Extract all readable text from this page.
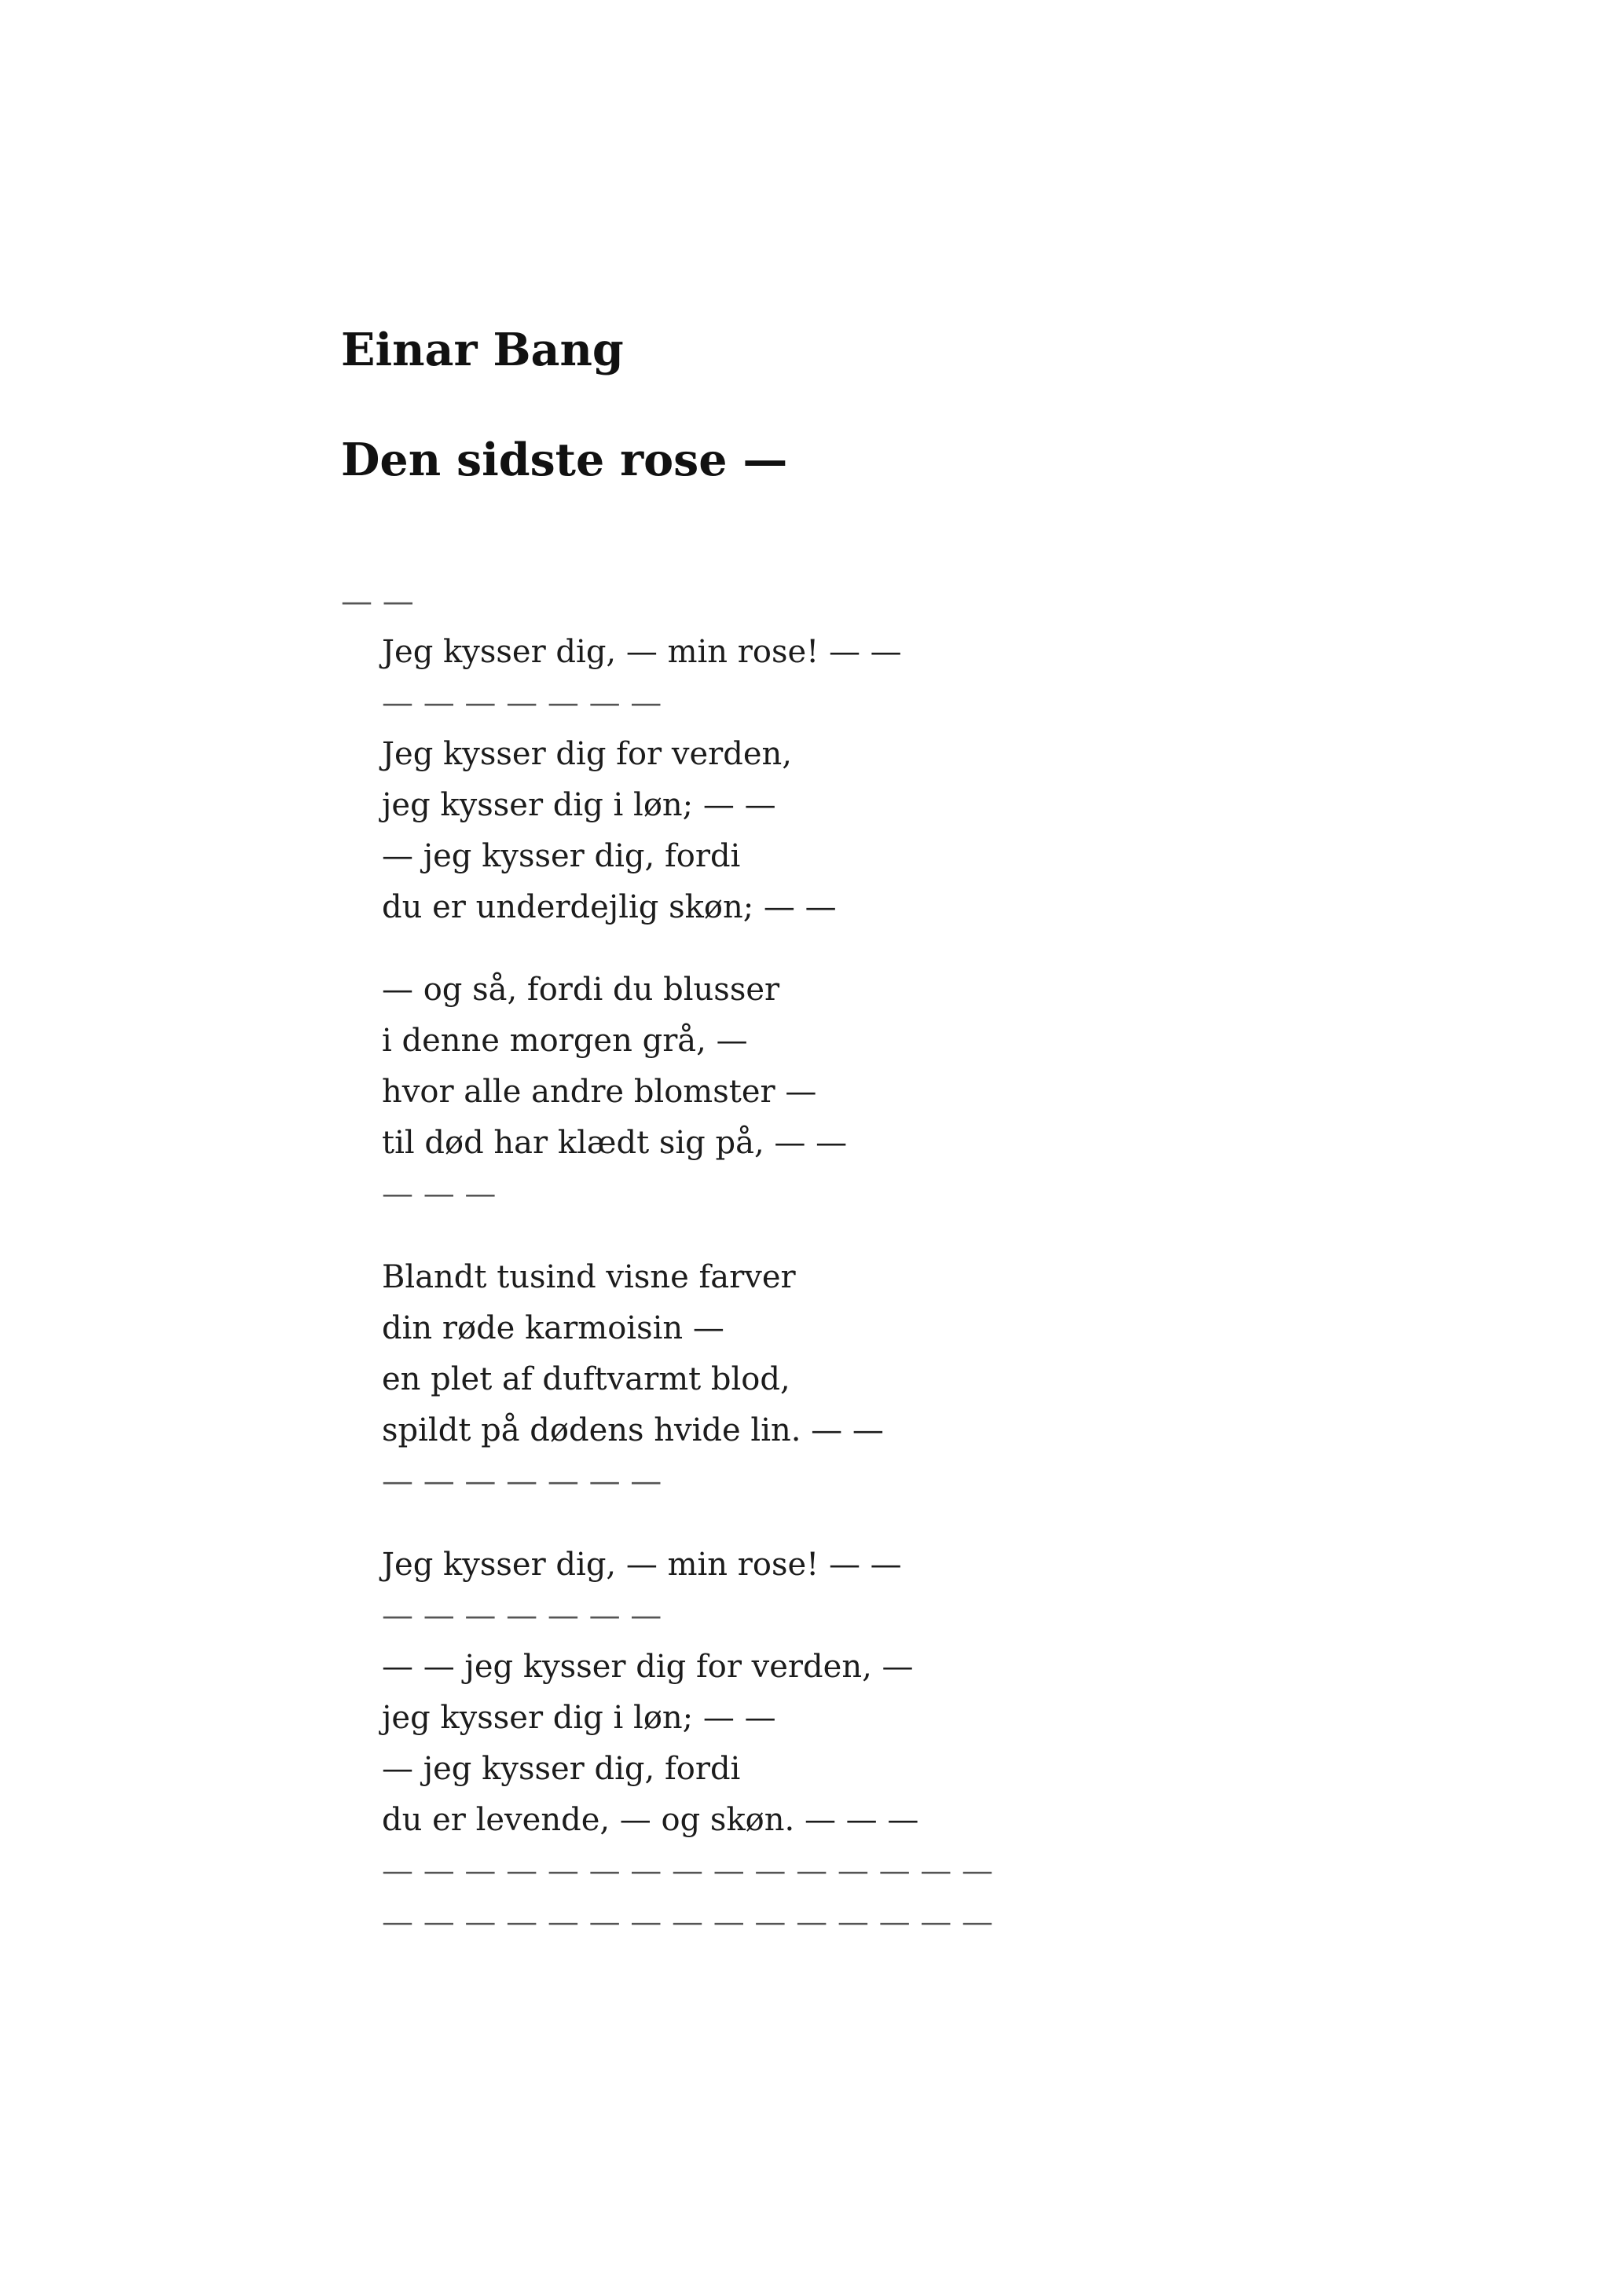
Einar Bang
Den sidste rose —
— —
Jeg kysser dig, — min rose! — —
— — — — — — —
Jeg kysser dig for verden,
jeg kysser dig i løn; — —
— jeg kysser dig, fordi
du er underdejlig skøn; — —
— og så, fordi du blusser
i denne morgen grå, —
hvor alle andre blomster —
til død har klædt sig på, — —
— — —
Blandt tusind visne farver
din røde karmoisin —
en plet af duftvarmt blod,
spildt på dødens hvide lin. — —
— — — — — — —
Jeg kysser dig, — min rose! — —
— — — — — — —
— — jeg kysser dig for verden, —
jeg kysser dig i løn; — —
— jeg kysser dig, fordi
du er levende, — og skøn. — — —
— — — — — — — — — — — — — — —
— — — — — — — — — — — — — — —
